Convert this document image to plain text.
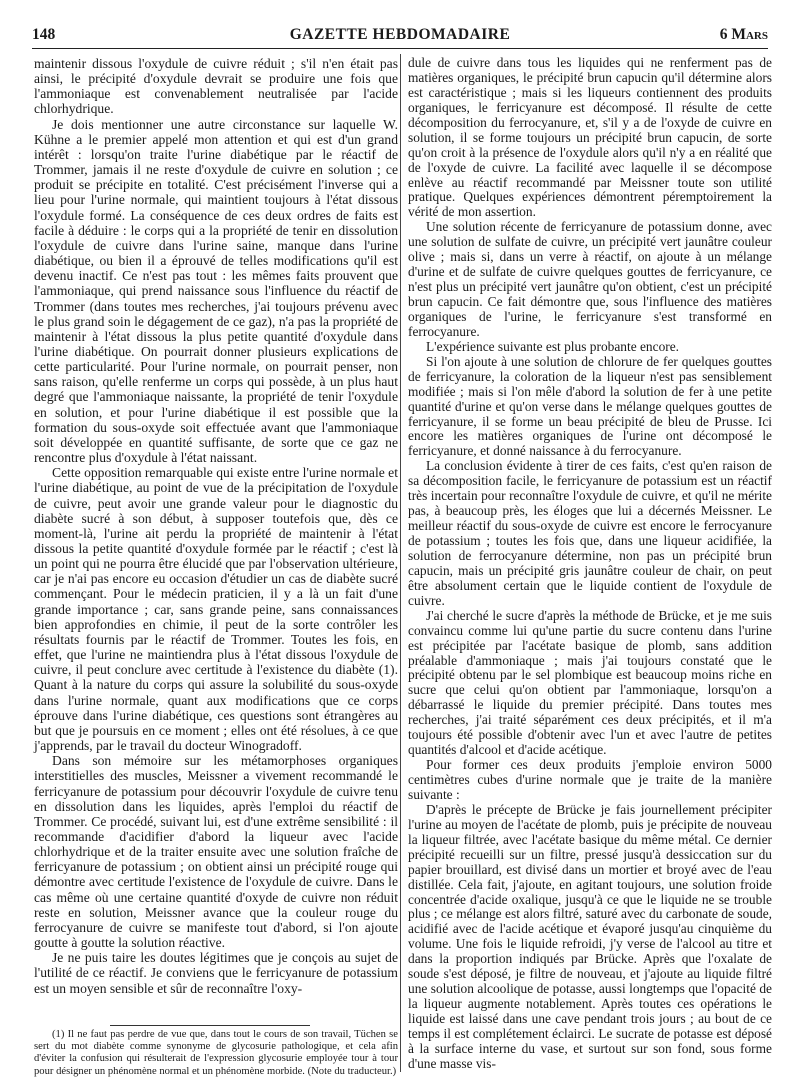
148	GAZETTE HEBDOMADAIRE	6 Mars

maintenir dissous l'oxydule de cuivre réduit ; s'il n'en était pas ainsi, le précipité d'oxydule devrait se produire une fois que l'ammoniaque est convenablement neutralisée par l'acide chlorhydrique.

Je dois mentionner une autre circonstance sur laquelle W. Kühne a le premier appelé mon attention et qui est d'un grand intérêt : lorsqu'on traite l'urine diabétique par le réactif de Trommer, jamais il ne reste d'oxydule de cuivre en solution ; ce produit se précipite en totalité. C'est précisément l'inverse qui a lieu pour l'urine normale, qui maintient toujours à l'état dissous l'oxydule formé. La conséquence de ces deux ordres de faits est facile à déduire : le corps qui a la propriété de tenir en dissolution l'oxydule de cuivre dans l'urine saine, manque dans l'urine diabétique, ou bien il a éprouvé de telles modifications qu'il est devenu inactif. Ce n'est pas tout : les mêmes faits prouvent que l'ammoniaque, qui prend naissance sous l'influence du réactif de Trommer (dans toutes mes recherches, j'ai toujours prévenu avec le plus grand soin le dégagement de ce gaz), n'a pas la propriété de maintenir à l'état dissous la plus petite quantité d'oxydule dans l'urine diabétique. On pourrait donner plusieurs explications de cette particularité. Pour l'urine normale, on pourrait penser, non sans raison, qu'elle renferme un corps qui possède, à un plus haut degré que l'ammoniaque naissante, la propriété de tenir l'oxydule en solution, et pour l'urine diabétique il est possible que la formation du sous-oxyde soit effectuée avant que l'ammoniaque soit développée en quantité suffisante, de sorte que ce gaz ne rencontre plus d'oxydule à l'état naissant.

Cette opposition remarquable qui existe entre l'urine normale et l'urine diabétique, au point de vue de la précipitation de l'oxydule de cuivre, peut avoir une grande valeur pour le diagnostic du diabète sucré à son début, à supposer toutefois que, dès ce moment-là, l'urine ait perdu la propriété de maintenir à l'état dissous la petite quantité d'oxydule formée par le réactif ; c'est là un point qui ne pourra être élucidé que par l'observation ultérieure, car je n'ai pas encore eu occasion d'étudier un cas de diabète sucré commençant. Pour le médecin praticien, il y a là un fait d'une grande importance ; car, sans grande peine, sans connaissances bien approfondies en chimie, il peut de la sorte contrôler les résultats fournis par le réactif de Trommer. Toutes les fois, en effet, que l'urine ne maintiendra plus à l'état dissous l'oxydule de cuivre, il peut conclure avec certitude à l'existence du diabète (1). Quant à la nature du corps qui assure la solubilité du sous-oxyde dans l'urine normale, quant aux modifications que ce corps éprouve dans l'urine diabétique, ces questions sont étrangères au but que je poursuis en ce moment ; elles ont été résolues, à ce que j'apprends, par le travail du docteur Winogradoff.

Dans son mémoire sur les métamorphoses organiques interstitielles des muscles, Meissner a vivement recommandé le ferricyanure de potassium pour découvrir l'oxydule de cuivre tenu en dissolution dans les liquides, après l'emploi du réactif de Trommer. Ce procédé, suivant lui, est d'une extrême sensibilité : il recommande d'acidifier d'abord la liqueur avec l'acide chlorhydrique et de la traiter ensuite avec une solution fraîche de ferricyanure de potassium ; on obtient ainsi un précipité rouge qui démontre avec certitude l'existence de l'oxydule de cuivre. Dans le cas même où une certaine quantité d'oxyde de cuivre non réduit reste en solution, Meissner avance que la couleur rouge du ferrocyanure de cuivre se manifeste tout d'abord, si l'on ajoute goutte à goutte la solution réactive.

Je ne puis taire les doutes légitimes que je conçois au sujet de l'utilité de ce réactif. Je conviens que le ferricyanure de potassium est un moyen sensible et sûr de reconnaître l'oxy-

(1) Il ne faut pas perdre de vue que, dans tout le cours de son travail, Tüchen se sert du mot diabète comme synonyme de glycosurie pathologique, et cela afin d'éviter la confusion qui résulterait de l'expression glycosurie employée tour à tour pour désigner un phénomène normal et un phénomène morbide. (Note du traducteur.)

dule de cuivre dans tous les liquides qui ne renferment pas de matières organiques, le précipité brun capucin qu'il détermine alors est caractéristique ; mais si les liqueurs contiennent des produits organiques, le ferricyanure est décomposé. Il résulte de cette décomposition du ferrocyanure, et, s'il y a de l'oxyde de cuivre en solution, il se forme toujours un précipité brun capucin, de sorte qu'on croit à la présence de l'oxydule alors qu'il n'y a en réalité que de l'oxyde de cuivre. La facilité avec laquelle il se décompose enlève au réactif recommandé par Meissner toute son utilité pratique. Quelques expériences démontrent péremptoirement la vérité de mon assertion.

Une solution récente de ferricyanure de potassium donne, avec une solution de sulfate de cuivre, un précipité vert jaunâtre couleur olive ; mais si, dans un verre à réactif, on ajoute à un mélange d'urine et de sulfate de cuivre quelques gouttes de ferricyanure, ce n'est plus un précipité vert jaunâtre qu'on obtient, c'est un précipité brun capucin. Ce fait démontre que, sous l'influence des matières organiques de l'urine, le ferricyanure s'est transformé en ferrocyanure.

L'expérience suivante est plus probante encore.

Si l'on ajoute à une solution de chlorure de fer quelques gouttes de ferricyanure, la coloration de la liqueur n'est pas sensiblement modifiée ; mais si l'on mêle d'abord la solution de fer à une petite quantité d'urine et qu'on verse dans le mélange quelques gouttes de ferricyanure, il se forme un beau précipité de bleu de Prusse. Ici encore les matières organiques de l'urine ont décomposé le ferricyanure, et donné naissance à du ferrocyanure.

La conclusion évidente à tirer de ces faits, c'est qu'en raison de sa décomposition facile, le ferricyanure de potassium est un réactif très incertain pour reconnaître l'oxydule de cuivre, et qu'il ne mérite pas, à beaucoup près, les éloges que lui a décernés Meissner. Le meilleur réactif du sous-oxyde de cuivre est encore le ferrocyanure de potassium ; toutes les fois que, dans une liqueur acidifiée, la solution de ferrocyanure détermine, non pas un précipité brun capucin, mais un précipité gris jaunâtre couleur de chair, on peut être absolument certain que le liquide contient de l'oxydule de cuivre.

J'ai cherché le sucre d'après la méthode de Brücke, et je me suis convaincu comme lui qu'une partie du sucre contenu dans l'urine est précipitée par l'acétate basique de plomb, sans addition préalable d'ammoniaque ; mais j'ai toujours constaté que le précipité obtenu par le sel plombique est beaucoup moins riche en sucre que celui qu'on obtient par l'ammoniaque, lorsqu'on a débarrassé le liquide du premier précipité. Dans toutes mes recherches, j'ai traité séparément ces deux précipités, et il m'a toujours été possible d'obtenir avec l'un et avec l'autre de petites quantités d'alcool et d'acide acétique.

Pour former ces deux produits j'emploie environ 5000 centimètres cubes d'urine normale que je traite de la manière suivante :

D'après le précepte de Brücke je fais journellement précipiter l'urine au moyen de l'acétate de plomb, puis je précipite de nouveau la liqueur filtrée, avec l'acétate basique du même métal. Ce dernier précipité recueilli sur un filtre, pressé jusqu'à dessiccation sur du papier brouillard, est divisé dans un mortier et broyé avec de l'eau distillée. Cela fait, j'ajoute, en agitant toujours, une solution froide concentrée d'acide oxalique, jusqu'à ce que le liquide ne se trouble plus ; ce mélange est alors filtré, saturé avec du carbonate de soude, acidifié avec de l'acide acétique et évaporé jusqu'au cinquième du volume. Une fois le liquide refroidi, j'y verse de l'alcool au titre et dans la proportion indiqués par Brücke. Après que l'oxalate de soude s'est déposé, je filtre de nouveau, et j'ajoute au liquide filtré une solution alcoolique de potasse, aussi longtemps que l'opacité de la liqueur augmente notablement. Après toutes ces opérations le liquide est laissé dans une cave pendant trois jours ; au bout de ce temps il est complétement éclairci. Le sucrate de potasse est déposé à la surface interne du vase, et surtout sur son fond, sous forme d'une masse vis-
